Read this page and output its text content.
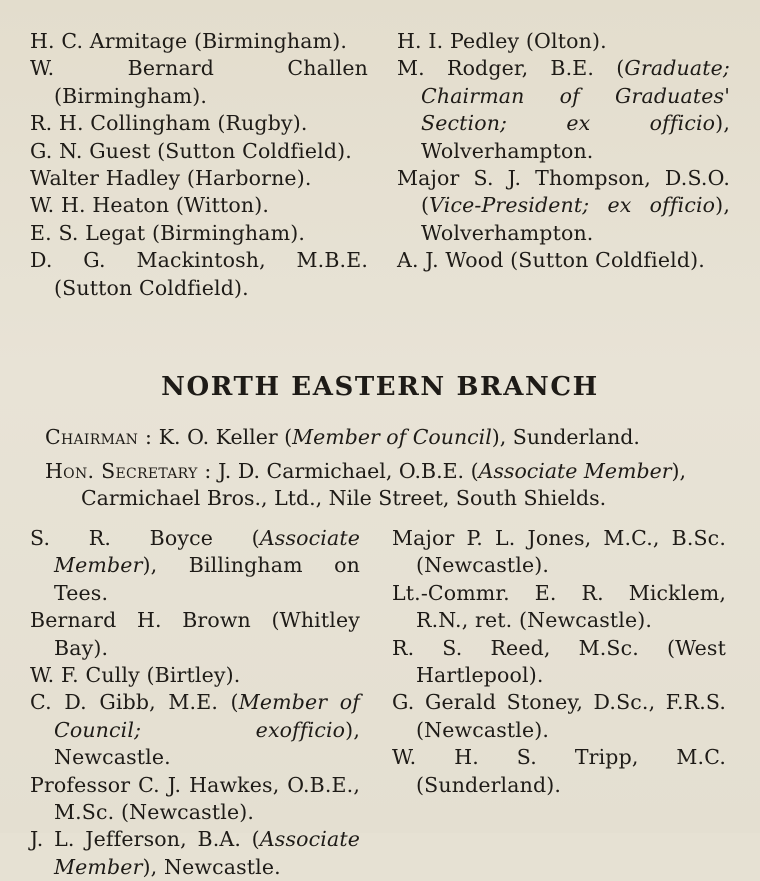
H. C. Armitage (Birmingham).

W. Bernard Challen (Birmingham).

R. H. Collingham (Rugby).

G. N. Guest (Sutton Coldfield).

Walter Hadley (Harborne).

W. H. Heaton (Witton).

E. S. Legat (Birmingham).

D. G. Mackintosh, M.B.E. (Sutton Coldfield).

H. I. Pedley (Olton).

M. Rodger, B.E. (Graduate; Chairman of Graduates' Section; ex officio), Wolverhampton.

Major S. J. Thompson, D.S.O. (Vice-President; ex officio), Wolverhampton.

A. J. Wood (Sutton Coldfield).

NORTH EASTERN BRANCH

Chairman : K. O. Keller (Member of Council), Sunderland.

Hon. Secretary : J. D. Carmichael, O.B.E. (Associate Member),
Carmichael Bros., Ltd., Nile Street, South Shields.

S. R. Boyce (Associate Member), Billingham on Tees.

Bernard H. Brown (Whitley Bay).

W. F. Cully (Birtley).

C. D. Gibb, M.E. (Member of Council; exofficio), Newcastle.

Professor C. J. Hawkes, O.B.E., M.Sc. (Newcastle).

J. L. Jefferson, B.A. (Associate Member), Newcastle.

Major P. L. Jones, M.C., B.Sc. (Newcastle).

Lt.-Commr. E. R. Micklem, R.N., ret. (Newcastle).

R. S. Reed, M.Sc. (West Hartlepool).

G. Gerald Stoney, D.Sc., F.R.S. (Newcastle).

W. H. S. Tripp, M.C. (Sunderland).
